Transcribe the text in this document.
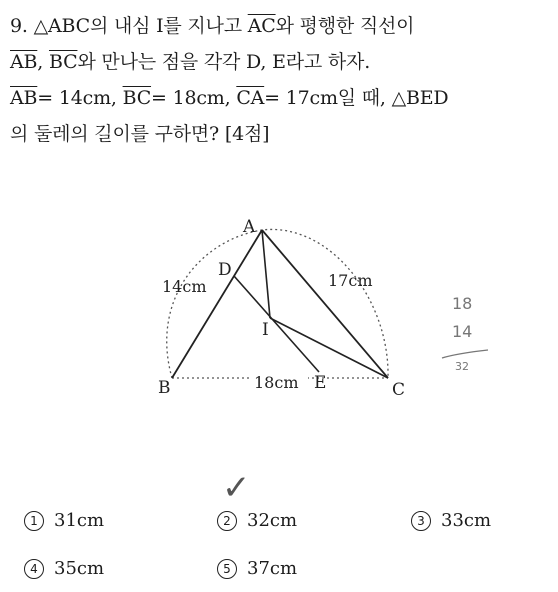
9. △ABC의 내심 I를 지나고 $\overline{AC}$와 평행한 직선이
$\overline{AB}$, $\overline{BC}$와 만나는 점을 각각 D, E라고 하자.
$\overline{AB}= 14cm$, $\overline{BC}= 18cm$, $\overline{CA}= 17cm$일 때, △BED
의 둘레의 길이를 구하면? [4점]
A
B	C
D
E
I
14cm	17cm
18cm
18
14
32
✓
1 31cm	2 32cm	3 33cm
4 35cm	5 37cm
